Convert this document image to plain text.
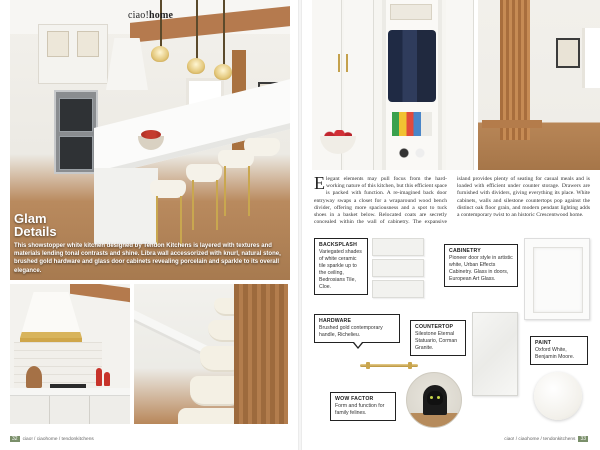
ciao!home
Glam
Details
This showstopper white kitchen designed by Tendon Kitchens is layered with textures and materials lending tonal contrasts and shine. Libra wall accessorized with knurl, natural stone, brushed gold hardware and glass door cabinets revealing porcelain and sparkle to its overall elegance.
32 ciao! / ciaohome / tendonkitchens
Elegant elements may pull focus from the hard-working nature of this kitchen, but this efficient space is packed with function. A re-imagined back door entryway swaps a closet for a wraparound wood bench divider, offering more spaciousness and a spot to tuck shoes in a basket below. Relocated coats are secretly concealed within the wall of cabinetry. The expansive island provides plenty of seating for casual meals and is loaded with efficient under counter storage. Drawers are furnished with dividers, giving everything its place. White cabinets, walls and silestone countertops pop against the distinct oak floor grain, and modern pendant lighting adds a contemporary twist to an historic Crescentwood home.
BACKSPLASH
Variegated shades of white ceramic tile sparkle up to the ceiling, Bedrosians Tile, Cloe.
CABINETRY
Pioneer door style in artistic white, Urban Effects Cabinetry. Glass in doors, European Art Glass.
HARDWARE
Brushed gold contemporary handle, Richelieu.
COUNTERTOP
Silestone Eternal Statuario, Corman Granite.
PAINT
Oxford White, Benjamin Moore.
WOW FACTOR
Form and function for family felines.
ciao! / ciaohome / tendonkitchens 33
